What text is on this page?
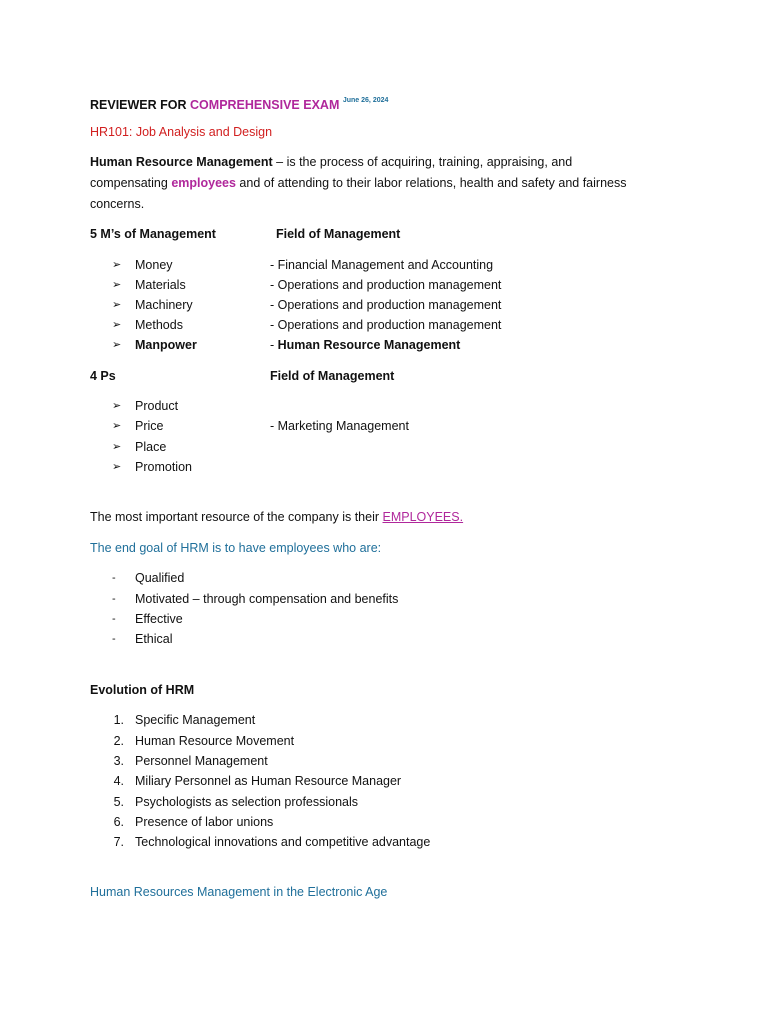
REVIEWER FOR COMPREHENSIVE EXAM $^{June 26, 2024}$
HR101: Job Analysis and Design
Human Resource Management – is the process of acquiring, training, appraising, and
compensating employees and of attending to their labor relations, health and safety and fairness
concerns.
5 M’s of Management	Field of Management
➢	Money	- Financial Management and Accounting
➢	Materials	- Operations and production management
➢	Machinery	- Operations and production management
➢	Methods	- Operations and production management
➢	Manpower	- Human Resource Management
4 Ps	Field of Management
➢	Product
➢	Price	- Marketing Management
➢	Place
➢	Promotion
The most important resource of the company is their EMPLOYEES.
The end goal of HRM is to have employees who are:
-	Qualified
-	Motivated – through compensation and benefits
-	Effective
-	Ethical
Evolution of HRM
1. Specific Management
2. Human Resource Movement
3. Personnel Management
4. Miliary Personnel as Human Resource Manager
5. Psychologists as selection professionals
6. Presence of labor unions
7. Technological innovations and competitive advantage
Human Resources Management in the Electronic Age
